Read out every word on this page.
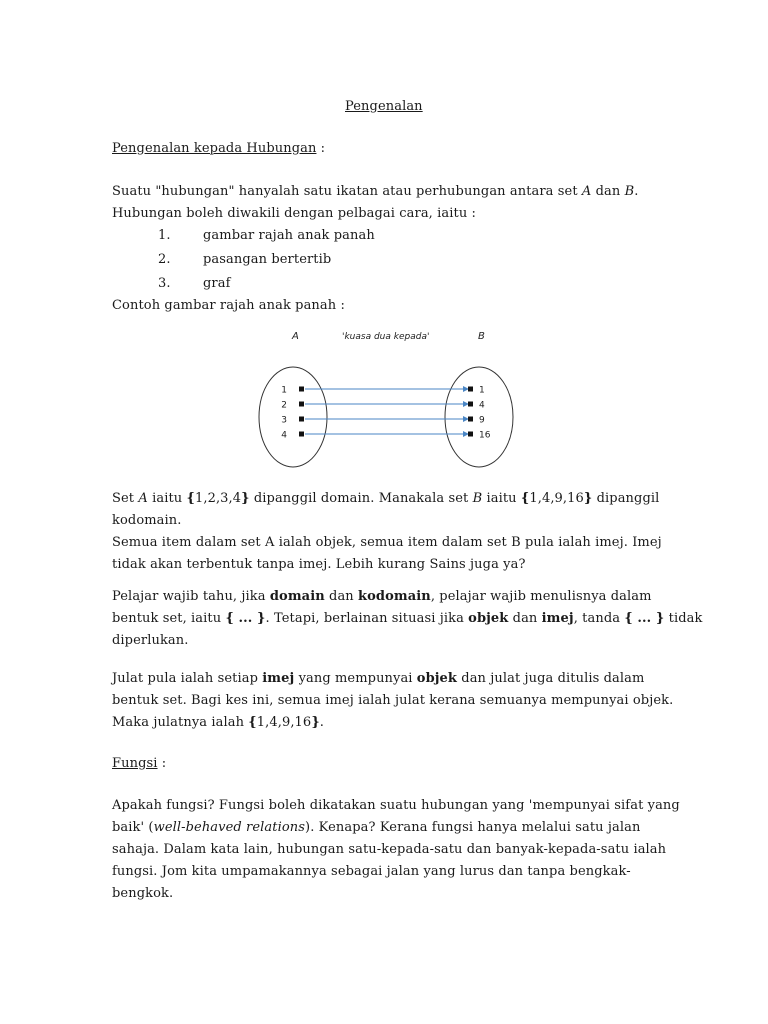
Pengenalan
Pengenalan kepada Hubungan :
Suatu "hubungan" hanyalah satu ikatan atau perhubungan antara set A dan B.
Hubungan boleh diwakili dengan pelbagai cara, iaitu :
1. gambar rajah anak panah
2. pasangan bertertib
3. graf
Contoh gambar rajah anak panah :
A	'kuasa dua kepada'	B
1	1
2	4
3	9
4	16
Set A iaitu {1,2,3,4} dipanggil domain. Manakala set B iaitu {1,4,9,16} dipanggil
kodomain.
Semua item dalam set A ialah objek, semua item dalam set B pula ialah imej. Imej
tidak akan terbentuk tanpa imej. Lebih kurang Sains juga ya?
Pelajar wajib tahu, jika domain dan kodomain, pelajar wajib menulisnya dalam
bentuk set, iaitu { ... }. Tetapi, berlainan situasi jika objek dan imej, tanda { ... } tidak
diperlukan.
Julat pula ialah setiap imej yang mempunyai objek dan julat juga ditulis dalam
bentuk set. Bagi kes ini, semua imej ialah julat kerana semuanya mempunyai objek.
Maka julatnya ialah {1,4,9,16}.
Fungsi :
Apakah fungsi? Fungsi boleh dikatakan suatu hubungan yang 'mempunyai sifat yang
baik' (well-behaved relations). Kenapa? Kerana fungsi hanya melalui satu jalan
sahaja. Dalam kata lain, hubungan satu-kepada-satu dan banyak-kepada-satu ialah
fungsi. Jom kita umpamakannya sebagai jalan yang lurus dan tanpa bengkak-
bengkok.
